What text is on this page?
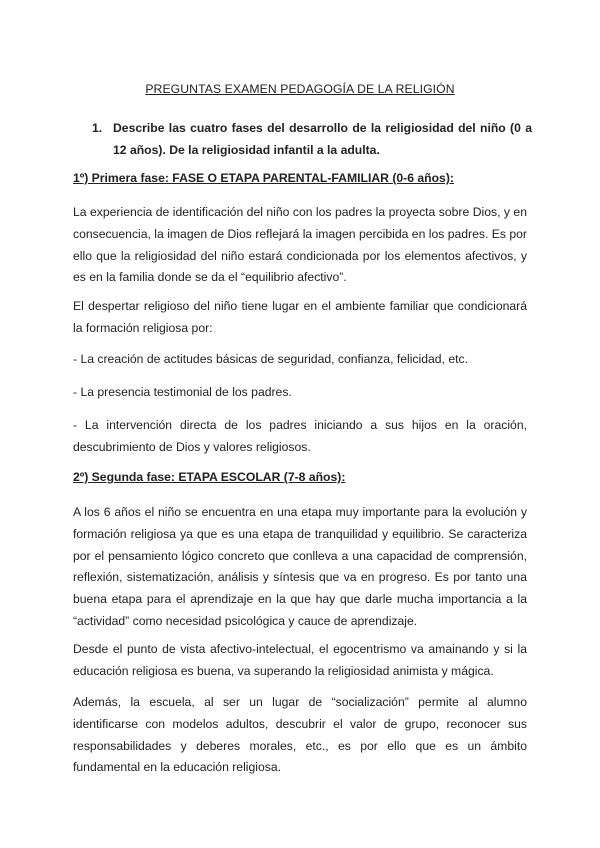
PREGUNTAS EXAMEN PEDAGOGÍA DE LA RELIGIÓN
1. Describe las cuatro fases del desarrollo de la religiosidad del niño (0 a 12 años). De la religiosidad infantil a la adulta.
1º) Primera fase: FASE O ETAPA PARENTAL-FAMILIAR (0-6 años):
La experiencia de identificación del niño con los padres la proyecta sobre Dios, y en consecuencia, la imagen de Dios reflejará la imagen percibida en los padres. Es por ello que la religiosidad del niño estará condicionada por los elementos afectivos, y es en la familia donde se da el “equilibrio afectivo”.
El despertar religioso del niño tiene lugar en el ambiente familiar que condicionará la formación religiosa por:
- La creación de actitudes básicas de seguridad, confianza, felicidad, etc.
- La presencia testimonial de los padres.
- La intervención directa de los padres iniciando a sus hijos en la oración, descubrimiento de Dios y valores religiosos.
2º) Segunda fase: ETAPA ESCOLAR (7-8 años):
A los 6 años el niño se encuentra en una etapa muy importante para la evolución y formación religiosa ya que es una etapa de tranquilidad y equilibrio. Se caracteriza por el pensamiento lógico concreto que conlleva a una capacidad de comprensión, reflexión, sistematización, análisis y síntesis que va en progreso. Es por tanto una buena etapa para el aprendizaje en la que hay que darle mucha importancia a la “actividad” como necesidad psicológica y cauce de aprendizaje.
Desde el punto de vista afectivo-intelectual, el egocentrismo va amainando y si la educación religiosa es buena, va superando la religiosidad animista y mágica.
Además, la escuela, al ser un lugar de “socialización” permite al alumno identificarse con modelos adultos, descubrir el valor de grupo, reconocer sus responsabilidades y deberes morales, etc., es por ello que es un ámbito fundamental en la educación religiosa.
